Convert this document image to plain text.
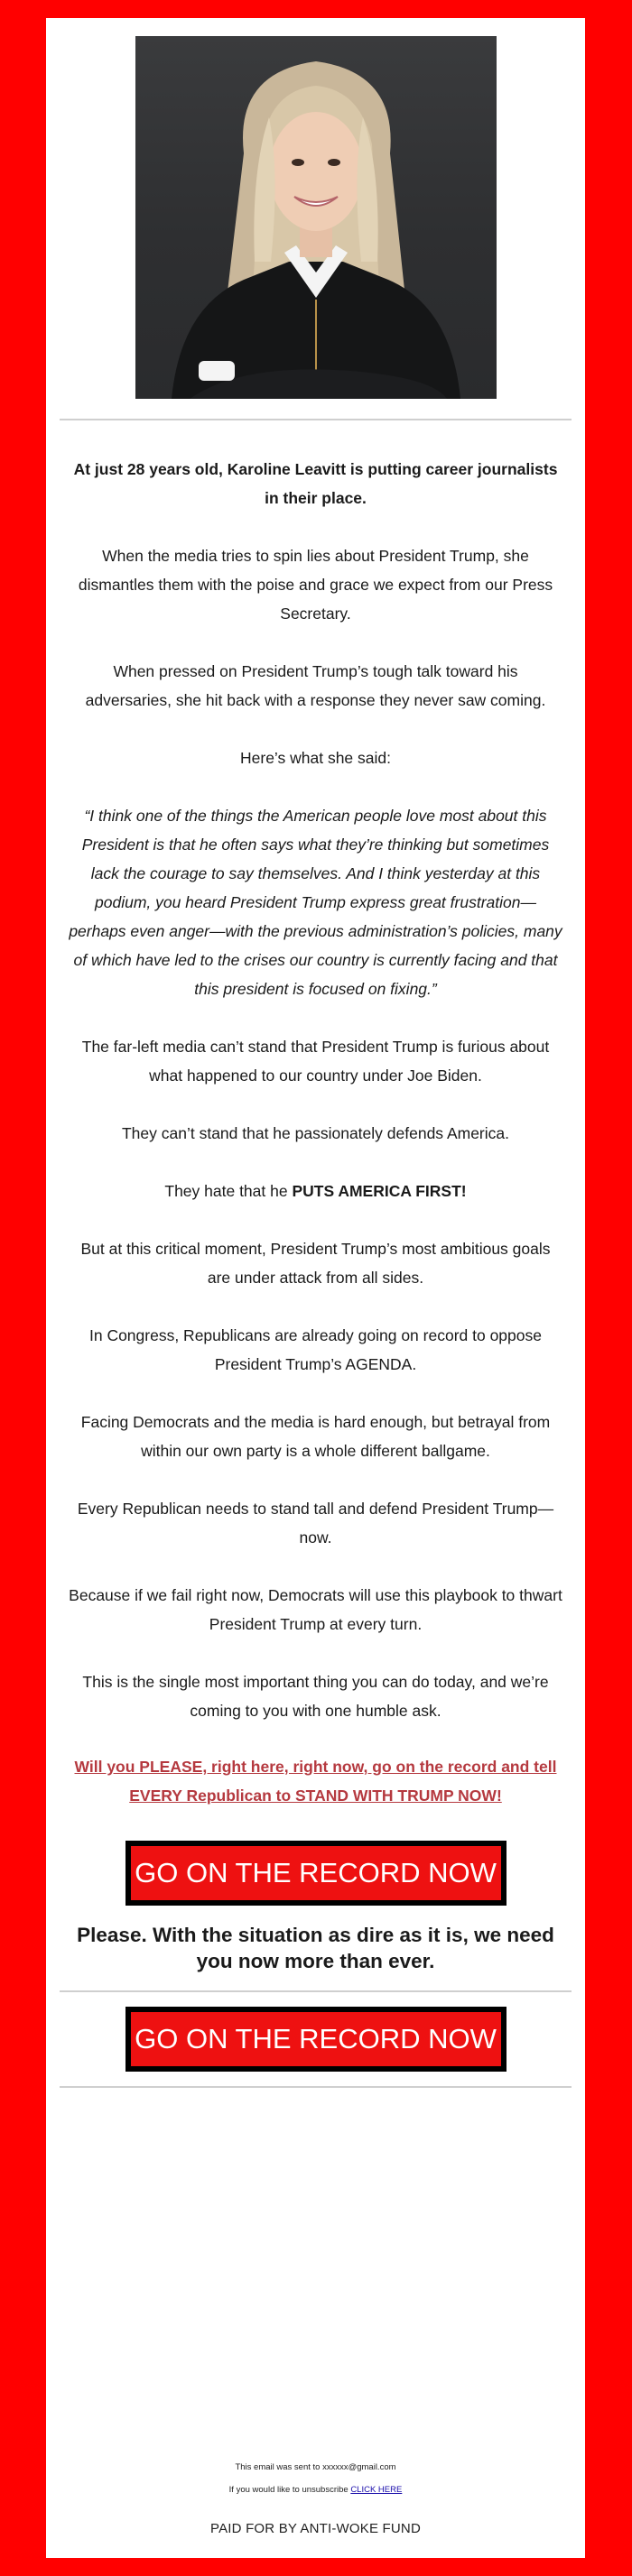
At just 28 years old, Karoline Leavitt is putting career journalists in their place.

When the media tries to spin lies about President Trump, she dismantles them with the poise and grace we expect from our Press Secretary.

When pressed on President Trump’s tough talk toward his adversaries, she hit back with a response they never saw coming.

Here’s what she said:

“I think one of the things the American people love most about this President is that he often says what they’re thinking but sometimes lack the courage to say themselves. And I think yesterday at this podium, you heard President Trump express great frustration—perhaps even anger—with the previous administration’s policies, many of which have led to the crises our country is currently facing and that this president is focused on fixing.”

The far-left media can’t stand that President Trump is furious about what happened to our country under Joe Biden.

They can’t stand that he passionately defends America.

They hate that he PUTS AMERICA FIRST!

But at this critical moment, President Trump’s most ambitious goals are under attack from all sides.

In Congress, Republicans are already going on record to oppose President Trump’s AGENDA.

Facing Democrats and the media is hard enough, but betrayal from within our own party is a whole different ballgame.

Every Republican needs to stand tall and defend President Trump—now.

Because if we fail right now, Democrats will use this playbook to thwart President Trump at every turn.

This is the single most important thing you can do today, and we’re coming to you with one humble ask.

Will you PLEASE, right here, right now, go on the record and tell EVERY Republican to STAND WITH TRUMP NOW!

GO ON THE RECORD NOW

Please. With the situation as dire as it is, we need you now more than ever.

GO ON THE RECORD NOW

This email was sent to xxxxxx@gmail.com

If you would like to unsubscribe CLICK HERE

PAID FOR BY ANTI-WOKE FUND
